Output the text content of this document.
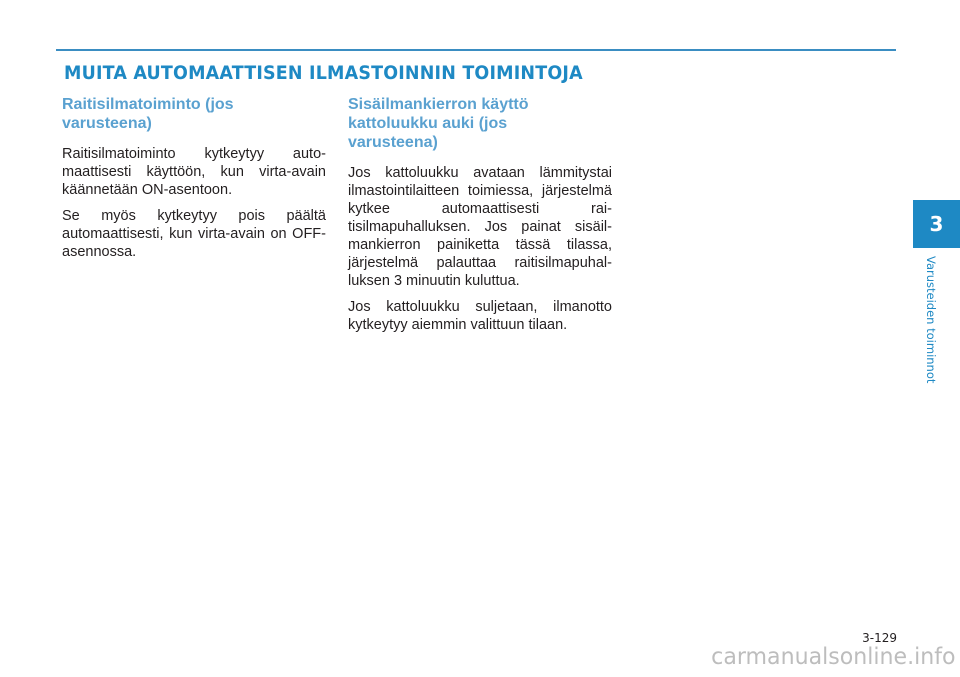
MUITA AUTOMAATTISEN ILMASTOINNIN TOIMINTOJA
Raitisilmatoiminto (jos
varusteena)

Raitisilmatoiminto kytkeytyy automaattisesti käyttöön, kun virta-avain käännetään ON-asentoon.

Se myös kytkeytyy pois päältä automaattisesti, kun virta-avain on OFF-asennossa.

Sisäilmankierron käyttö
kattoluukku auki (jos
varusteena)

Jos kattoluukku avataan lämmitystai ilmastointilaitteen toimiessa, järjestelmä kytkee automaattisesti raitisilmapuhalluksen. Jos painat sisäilmankierron painiketta tässä tilassa, järjestelmä palauttaa raitisilmapuhalluksen 3 minuutin kuluttua.

Jos kattoluukku suljetaan, ilmanotto kytkeytyy aiemmin valittuun tilaan.

3
Varusteiden toiminnot
3-129
carmanualsonline.info
